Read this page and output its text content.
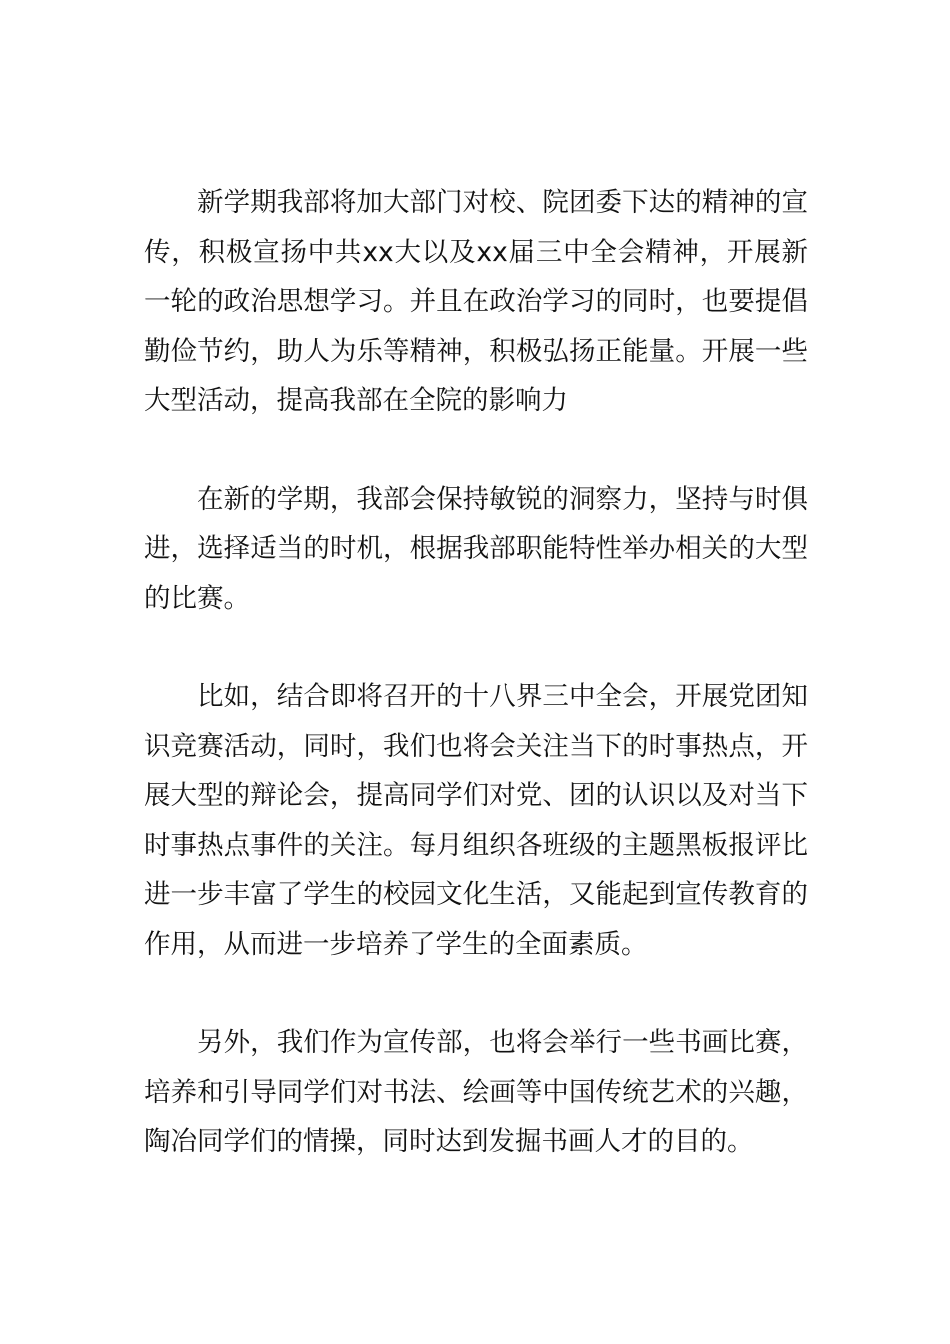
新学期我部将加大部门对校、院团委下达的精神的宣传，积极宣扬中共xx大以及xx届三中全会精神，开展新一轮的政治思想学习。并且在政治学习的同时，也要提倡勤俭节约，助人为乐等精神，积极弘扬正能量。开展一些大型活动，提高我部在全院的影响力

在新的学期，我部会保持敏锐的洞察力，坚持与时俱进，选择适当的时机，根据我部职能特性举办相关的大型的比赛。

比如，结合即将召开的十八界三中全会，开展党团知识竞赛活动，同时，我们也将会关注当下的时事热点，开展大型的辩论会，提高同学们对党、团的认识以及对当下时事热点事件的关注。每月组织各班级的主题黑板报评比进一步丰富了学生的校园文化生活，又能起到宣传教育的作用，从而进一步培养了学生的全面素质。

另外，我们作为宣传部，也将会举行一些书画比赛，培养和引导同学们对书法、绘画等中国传统艺术的兴趣，陶冶同学们的情操，同时达到发掘书画人才的目的。
